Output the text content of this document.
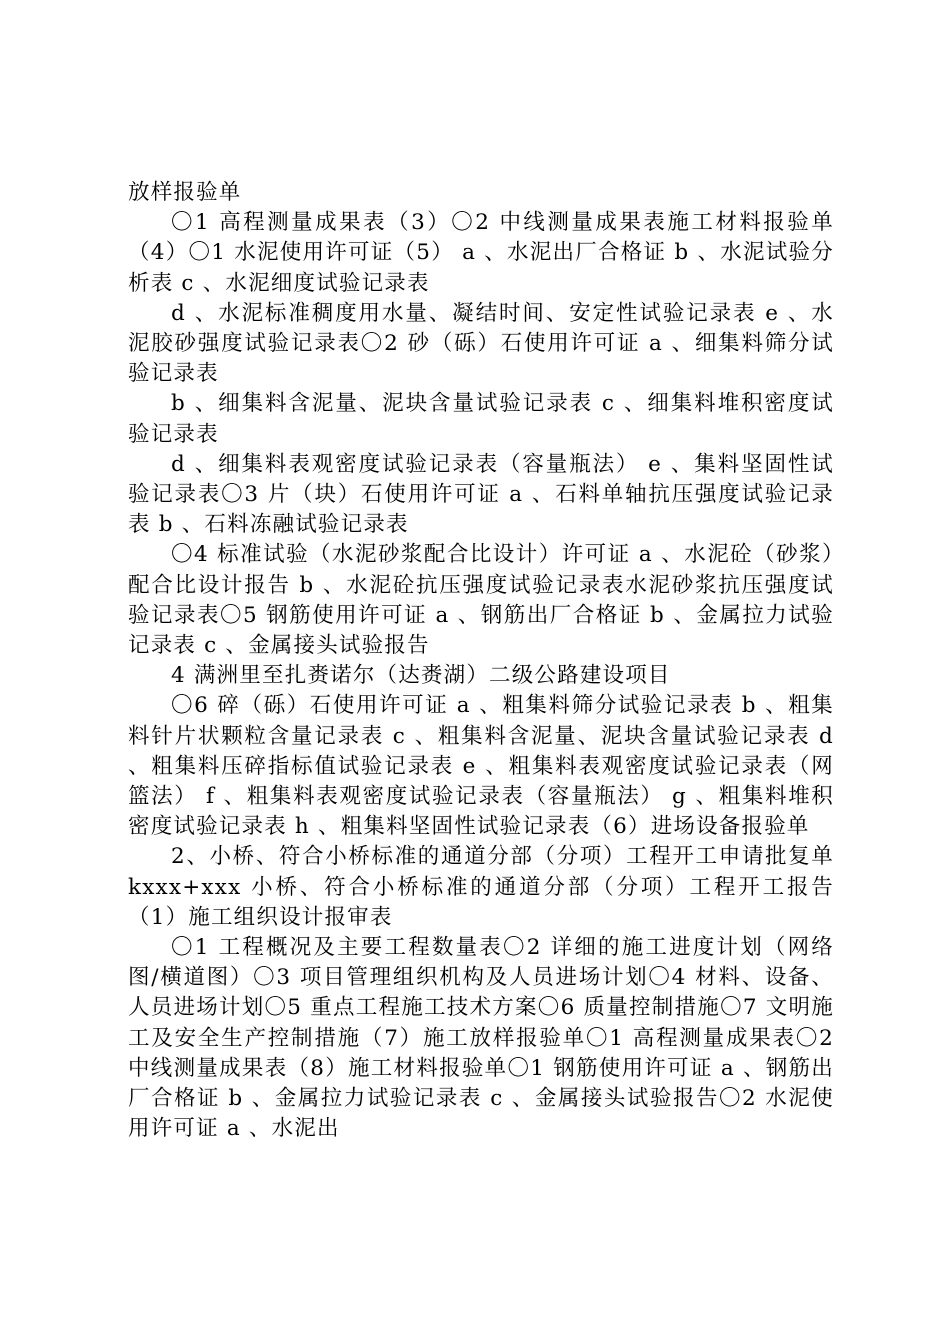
放样报验单

〇1 高程测量成果表（3）〇2 中线测量成果表施工材料报验单（4）〇1 水泥使用许可证（5） a 、水泥出厂合格证 b 、水泥试验分析表 c 、水泥细度试验记录表

d 、水泥标准稠度用水量、凝结时间、安定性试验记录表 e 、水泥胶砂强度试验记录表〇2 砂（砾）石使用许可证 a 、细集料筛分试验记录表

b 、细集料含泥量、泥块含量试验记录表 c 、细集料堆积密度试验记录表

d 、细集料表观密度试验记录表（容量瓶法） e 、集料坚固性试验记录表〇3 片（块）石使用许可证 a 、石料单轴抗压强度试验记录表 b 、石料冻融试验记录表

〇4 标准试验（水泥砂浆配合比设计）许可证 a 、水泥砼（砂浆）配合比设计报告 b 、水泥砼抗压强度试验记录表水泥砂浆抗压强度试验记录表〇5 钢筋使用许可证 a 、钢筋出厂合格证 b 、金属拉力试验记录表 c 、金属接头试验报告

4 满洲里至扎赉诺尔（达赉湖）二级公路建设项目

〇6 碎（砾）石使用许可证 a 、粗集料筛分试验记录表 b 、粗集料针片状颗粒含量记录表 c 、粗集料含泥量、泥块含量试验记录表 d 、粗集料压碎指标值试验记录表 e 、粗集料表观密度试验记录表（网篮法） f 、粗集料表观密度试验记录表（容量瓶法） g 、粗集料堆积密度试验记录表 h 、粗集料坚固性试验记录表（6）进场设备报验单

2、小桥、符合小桥标准的通道分部（分项）工程开工申请批复单 kxxx+xxx 小桥、符合小桥标准的通道分部（分项）工程开工报告（1）施工组织设计报审表

〇1 工程概况及主要工程数量表〇2 详细的施工进度计划（网络图/横道图）〇3 项目管理组织机构及人员进场计划〇4 材料、设备、人员进场计划〇5 重点工程施工技术方案〇6 质量控制措施〇7 文明施工及安全生产控制措施（7）施工放样报验单〇1 高程测量成果表〇2 中线测量成果表（8）施工材料报验单〇1 钢筋使用许可证 a 、钢筋出厂合格证 b 、金属拉力试验记录表 c 、金属接头试验报告〇2 水泥使用许可证 a 、水泥出
